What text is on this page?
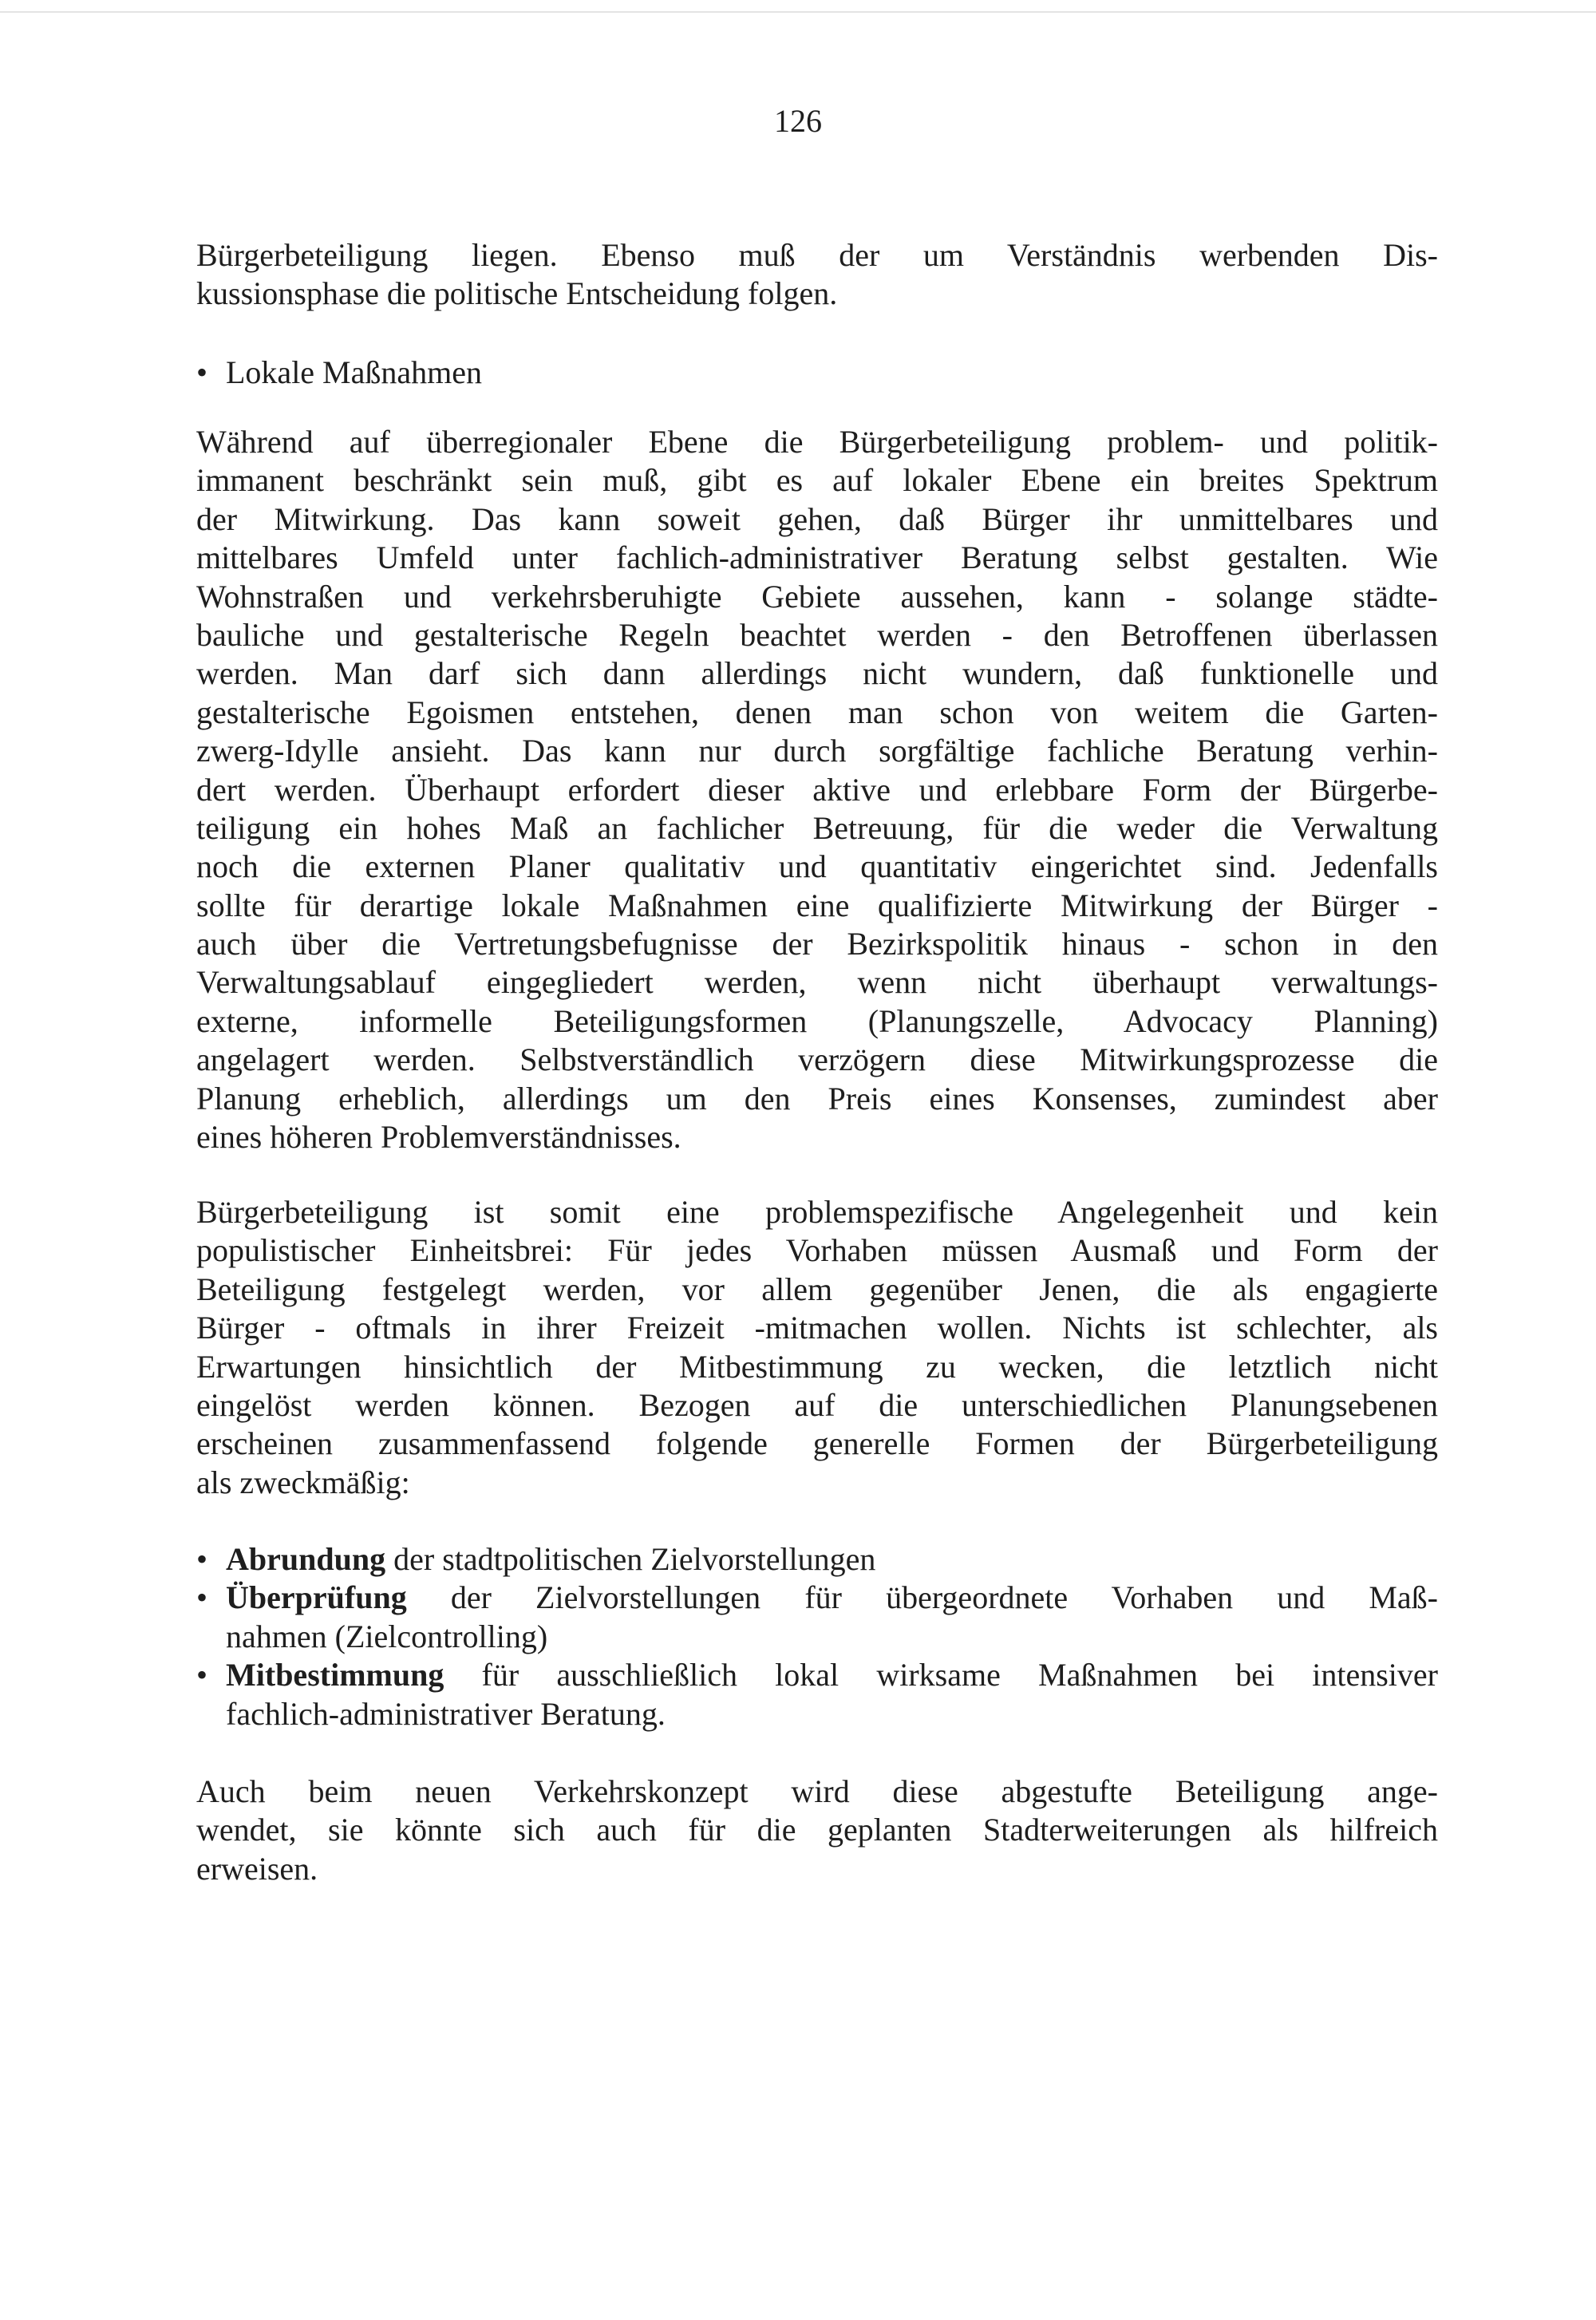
126
Bürgerbeteiligung liegen. Ebenso muß der um Verständnis werbenden Dis-
kussionsphase die politische Entscheidung folgen.
• Lokale Maßnahmen
Während auf überregionaler Ebene die Bürgerbeteiligung problem- und politik-
immanent beschränkt sein muß, gibt es auf lokaler Ebene ein breites Spektrum
der Mitwirkung. Das kann soweit gehen, daß Bürger ihr unmittelbares und
mittelbares Umfeld unter fachlich-administrativer Beratung selbst gestalten. Wie
Wohnstraßen und verkehrsberuhigte Gebiete aussehen, kann - solange städte-
bauliche und gestalterische Regeln beachtet werden - den Betroffenen überlassen
werden. Man darf sich dann allerdings nicht wundern, daß funktionelle und
gestalterische Egoismen entstehen, denen man schon von weitem die Garten-
zwerg-Idylle ansieht. Das kann nur durch sorgfältige fachliche Beratung verhin-
dert werden. Überhaupt erfordert dieser aktive und erlebbare Form der Bürgerbe-
teiligung ein hohes Maß an fachlicher Betreuung, für die weder die Verwaltung
noch die externen Planer qualitativ und quantitativ eingerichtet sind. Jedenfalls
sollte für derartige lokale Maßnahmen eine qualifizierte Mitwirkung der Bürger -
auch über die Vertretungsbefugnisse der Bezirkspolitik hinaus - schon in den
Verwaltungsablauf eingegliedert werden, wenn nicht überhaupt verwaltungs-
externe, informelle Beteiligungsformen (Planungszelle, Advocacy Planning)
angelagert werden. Selbstverständlich verzögern diese Mitwirkungsprozesse die
Planung erheblich, allerdings um den Preis eines Konsenses, zumindest aber
eines höheren Problemverständnisses.
Bürgerbeteiligung ist somit eine problemspezifische Angelegenheit und kein
populistischer Einheitsbrei: Für jedes Vorhaben müssen Ausmaß und Form der
Beteiligung festgelegt werden, vor allem gegenüber Jenen, die als engagierte
Bürger - oftmals in ihrer Freizeit -mitmachen wollen. Nichts ist schlechter, als
Erwartungen hinsichtlich der Mitbestimmung zu wecken, die letztlich nicht
eingelöst werden können. Bezogen auf die unterschiedlichen Planungsebenen
erscheinen zusammenfassend folgende generelle Formen der Bürgerbeteiligung
als zweckmäßig:
• Abrundung der stadtpolitischen Zielvorstellungen
• Überprüfung der Zielvorstellungen für übergeordnete Vorhaben und Maß-
nahmen (Zielcontrolling)
• Mitbestimmung für ausschließlich lokal wirksame Maßnahmen bei intensiver
fachlich-administrativer Beratung.
Auch beim neuen Verkehrskonzept wird diese abgestufte Beteiligung ange-
wendet, sie könnte sich auch für die geplanten Stadterweiterungen als hilfreich
erweisen.
